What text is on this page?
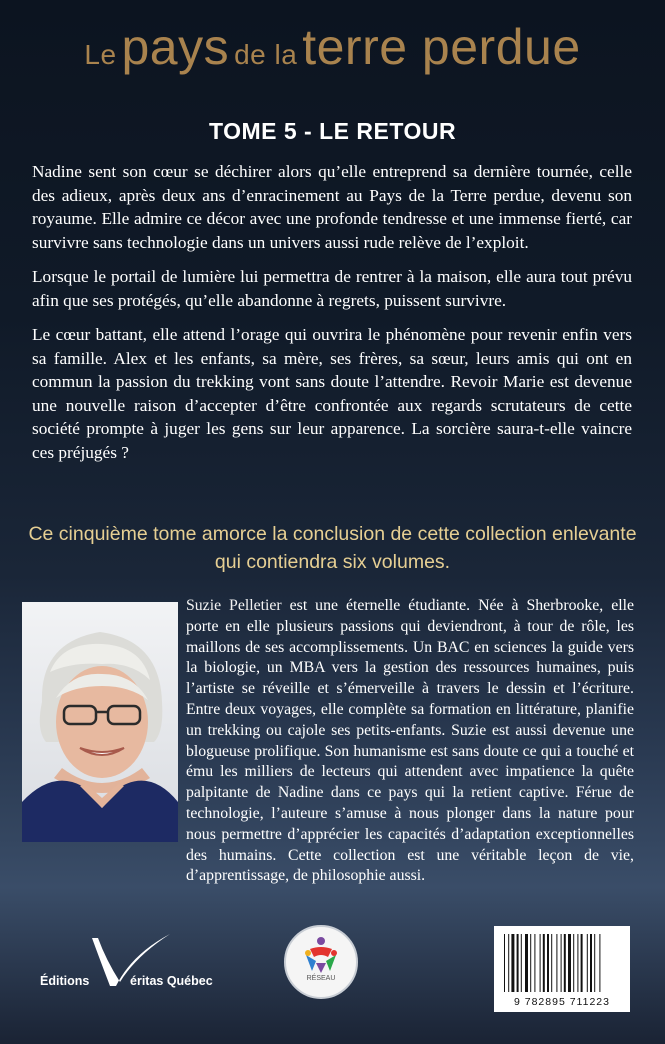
Le pays de la terre perdue
TOME 5 - LE RETOUR

Nadine sent son cœur se déchirer alors qu’elle entreprend sa dernière tournée, celle des adieux, après deux ans d’enracinement au Pays de la Terre perdue, devenu son royaume. Elle admire ce décor avec une profonde tendresse et une immense fierté, car survivre sans technologie dans un univers aussi rude relève de l’exploit.

Lorsque le portail de lumière lui permettra de rentrer à la maison, elle aura tout prévu afin que ses protégés, qu’elle abandonne à regrets, puissent survivre.

Le cœur battant, elle attend l’orage qui ouvrira le phénomène pour revenir enfin vers sa famille. Alex et les enfants, sa mère, ses frères, sa sœur, leurs amis qui ont en commun la passion du trekking vont sans doute l’attendre. Revoir Marie est devenue une nouvelle raison d’accepter d’être confrontée aux regards scrutateurs de cette société prompte à juger les gens sur leur apparence. La sorcière saura-t-elle vaincre ces préjugés ?

Ce cinquième tome amorce la conclusion de cette collection enlevante
qui contiendra six volumes.
Suzie Pelletier est une éternelle étudiante. Née à Sherbrooke, elle porte en elle plusieurs passions qui deviendront, à tour de rôle, les maillons de ses accomplissements. Un BAC en sciences la guide vers la biologie, un MBA vers la gestion des ressources humaines, puis l’artiste se réveille et s’émerveille à travers le dessin et l’écriture. Entre deux voyages, elle complète sa formation en littérature, planifie un trekking ou cajole ses petits-enfants. Suzie est aussi devenue une blogueuse prolifique. Son humanisme est sans doute ce qui a touché et ému les milliers de lecteurs qui attendent avec impatience la quête palpitante de Nadine dans ce pays qui la retient captive. Férue de technologie, l’auteure s’amuse à nous plonger dans la nature pour nous permettre d’apprécier les capacités d’adaptation exceptionnelles des humains. Cette collection est une véritable leçon de vie, d’apprentissage, de philosophie aussi.
Éditions	éritas Québec	RÉSEAU
9 782895 711223
